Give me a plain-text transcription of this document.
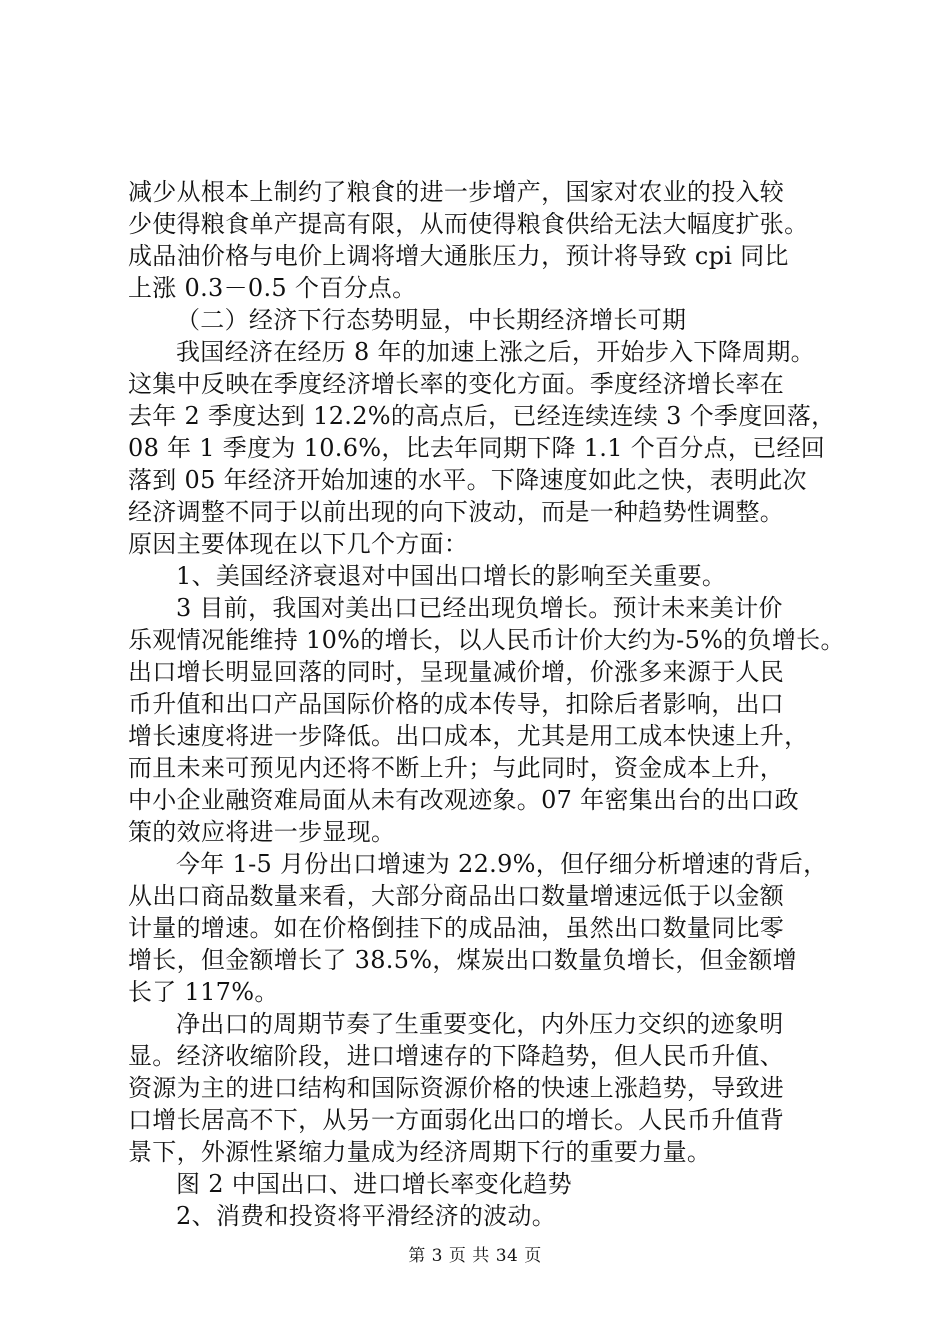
减少从根本上制约了粮食的进一步增产，国家对农业的投入较
少使得粮食单产提高有限，从而使得粮食供给无法大幅度扩张。
成品油价格与电价上调将增大通胀压力，预计将导致 cpi 同比
上涨 0.3－0.5 个百分点。
（二）经济下行态势明显，中长期经济增长可期
我国经济在经历 8 年的加速上涨之后，开始步入下降周期。
这集中反映在季度经济增长率的变化方面。季度经济增长率在
去年 2 季度达到 12.2%的高点后，已经连续连续 3 个季度回落，
08 年 1 季度为 10.6%，比去年同期下降 1.1 个百分点，已经回
落到 05 年经济开始加速的水平。下降速度如此之快，表明此次
经济调整不同于以前出现的向下波动，而是一种趋势性调整。
原因主要体现在以下几个方面：
1、美国经济衰退对中国出口增长的影响至关重要。
3 目前，我国对美出口已经出现负增长。预计未来美计价
乐观情况能维持 10%的增长，以人民币计价大约为-5%的负增长。
出口增长明显回落的同时，呈现量减价增，价涨多来源于人民
币升值和出口产品国际价格的成本传导，扣除后者影响，出口
增长速度将进一步降低。出口成本，尤其是用工成本快速上升，
而且未来可预见内还将不断上升；与此同时，资金成本上升，
中小企业融资难局面从未有改观迹象。07 年密集出台的出口政
策的效应将进一步显现。
今年 1-5 月份出口增速为 22.9%，但仔细分析增速的背后，
从出口商品数量来看，大部分商品出口数量增速远低于以金额
计量的增速。如在价格倒挂下的成品油，虽然出口数量同比零
增长，但金额增长了 38.5%，煤炭出口数量负增长，但金额增
长了 117%。
净出口的周期节奏了生重要变化，内外压力交织的迹象明
显。经济收缩阶段，进口增速存的下降趋势，但人民币升值、
资源为主的进口结构和国际资源价格的快速上涨趋势，导致进
口增长居高不下，从另一方面弱化出口的增长。人民币升值背
景下，外源性紧缩力量成为经济周期下行的重要力量。
图 2 中国出口、进口增长率变化趋势
2、消费和投资将平滑经济的波动。
第 3 页 共 34 页
